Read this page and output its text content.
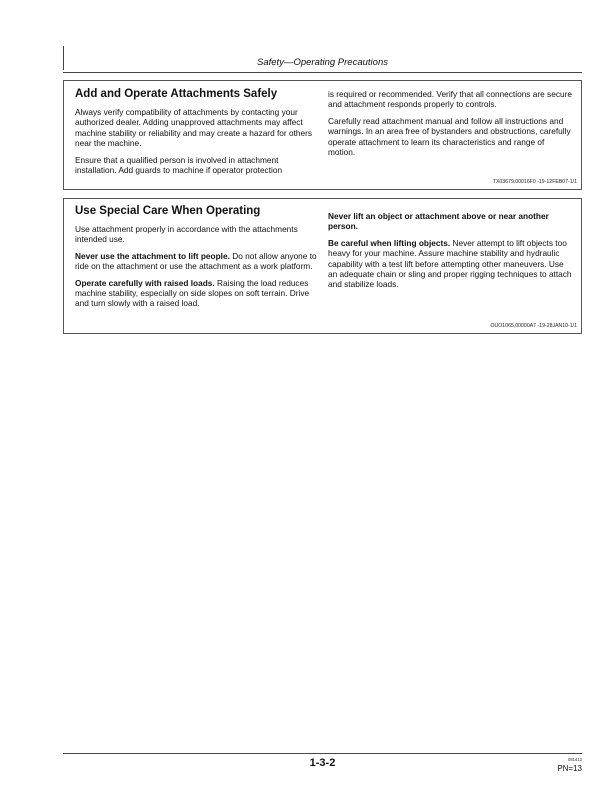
Safety—Operating Precautions
Add and Operate Attachments Safely

Always verify compatibility of attachments by contacting your authorized dealer. Adding unapproved attachments may affect machine stability or reliability and may create a hazard for others near the machine.

Ensure that a qualified person is involved in attachment installation. Add guards to machine if operator protection

is required or recommended. Verify that all connections are secure and attachment responds properly to controls.

Carefully read attachment manual and follow all instructions and warnings. In an area free of bystanders and obstructions, carefully operate attachment to learn its characteristics and range of motion.

TX03679,00016F0 -19-12FEB07-1/1
Use Special Care When Operating

Use attachment properly in accordance with the attachments intended use.

Never use the attachment to lift people. Do not allow anyone to ride on the attachment or use the attachment as a work platform.

Operate carefully with raised loads. Raising the load reduces machine stability, especially on side slopes on soft terrain. Drive and turn slowly with a raised load.

Never lift an object or attachment above or near another person.

Be careful when lifting objects. Never attempt to lift objects too heavy for your machine. Assure machine stability and hydraulic capability with a test lift before attempting other maneuvers. Use an adequate chain or sling and proper rigging techniques to attach and stabilize loads.

OUO1065,00000A7 -19-28JAN10-1/1
1-3-2	081413
PN=13
